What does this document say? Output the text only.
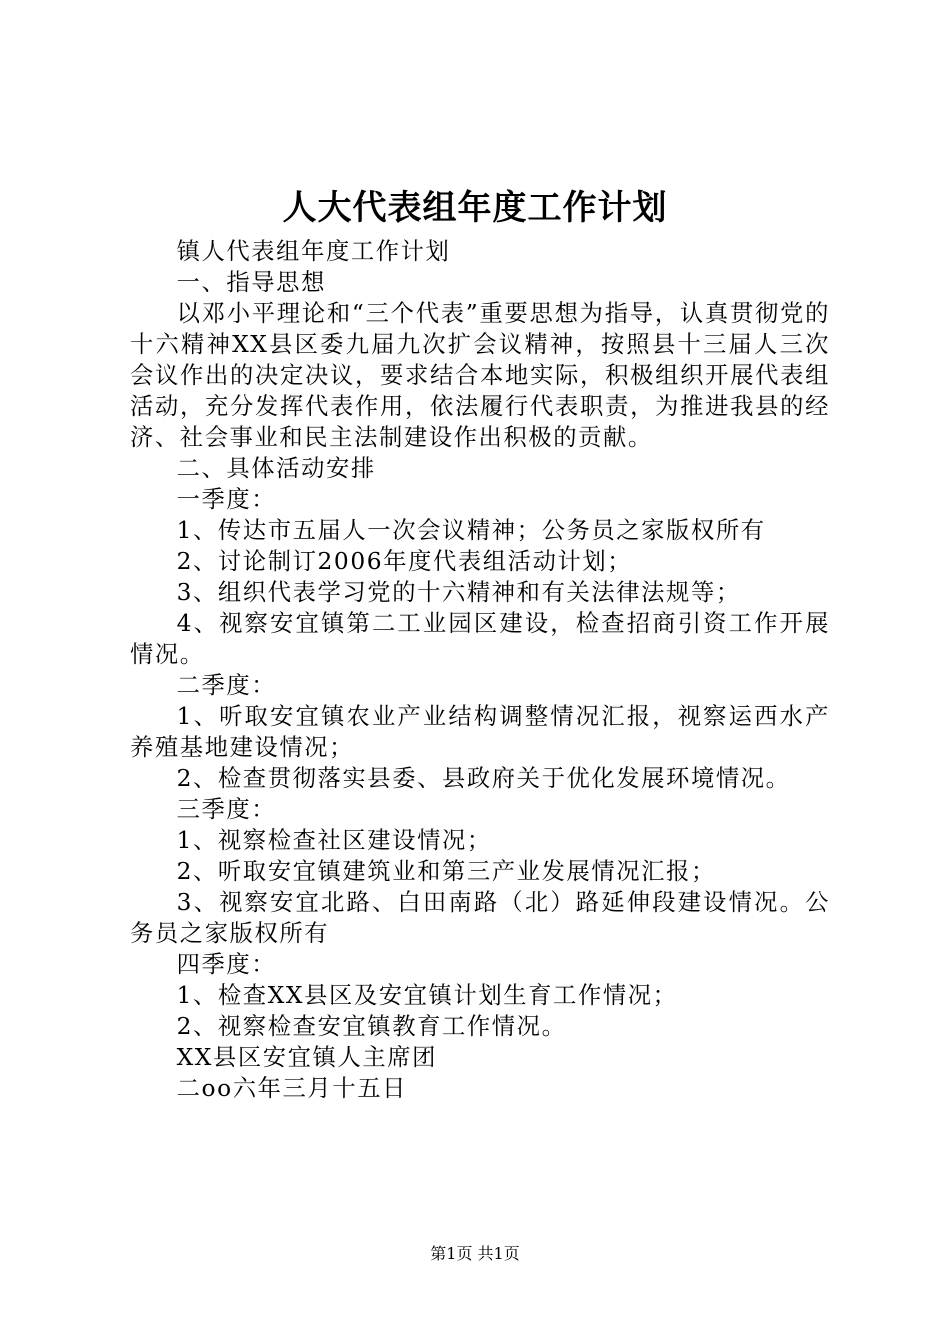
人大代表组年度工作计划

镇人代表组年度工作计划

一、指导思想

以邓小平理论和“三个代表”重要思想为指导，认真贯彻党的十六精神XX县区委九届九次扩会议精神，按照县十三届人三次会议作出的决定决议，要求结合本地实际，积极组织开展代表组活动，充分发挥代表作用，依法履行代表职责，为推进我县的经济、社会事业和民主法制建设作出积极的贡献。

二、具体活动安排

一季度：

1、传达市五届人一次会议精神；公务员之家版权所有

2、讨论制订2006年度代表组活动计划；

3、组织代表学习党的十六精神和有关法律法规等；

4、视察安宜镇第二工业园区建设，检查招商引资工作开展情况。

二季度：

1、听取安宜镇农业产业结构调整情况汇报，视察运西水产养殖基地建设情况；

2、检查贯彻落实县委、县政府关于优化发展环境情况。

三季度：

1、视察检查社区建设情况；

2、听取安宜镇建筑业和第三产业发展情况汇报；

3、视察安宜北路、白田南路（北）路延伸段建设情况。公务员之家版权所有

四季度：

1、检查XX县区及安宜镇计划生育工作情况；

2、视察检查安宜镇教育工作情况。

XX县区安宜镇人主席团

二oo六年三月十五日

第1页 共1页
